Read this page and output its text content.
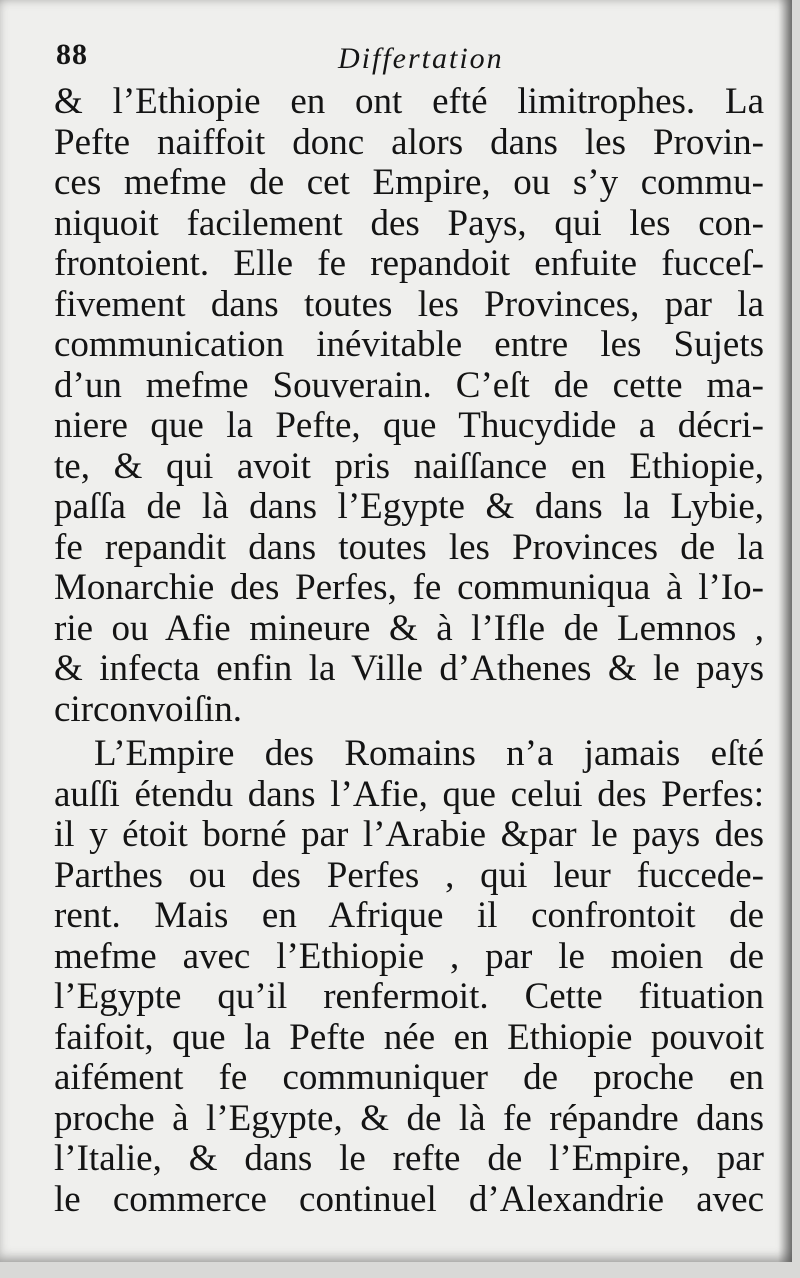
88	Differtation
& l’Ethiopie en ont efté limitrophes. La
Pefte naiffoit donc alors dans les Provin-
ces mefme de cet Empire, ou s’y commu-
niquoit facilement des Pays, qui les con-
frontoient. Elle fe repandoit enfuite fucceſ-
fivement dans toutes les Provinces, par la
communication inévitable entre les Sujets
d’un mefme Souverain. C’eſt de cette ma-
niere que la Pefte, que Thucydide a décri-
te, & qui avoit pris naiſſance en Ethiopie,
paſſa de là dans l’Egypte & dans la Lybie,
fe repandit dans toutes les Provinces de la
Monarchie des Perfes, fe communiqua à l’Io-
rie ou Afie mineure & à l’Ifle de Lemnos ,
& infecta enfin la Ville d’Athenes & le pays
circonvoiſin.
L’Empire des Romains n’a jamais eſté
auſſi étendu dans l’Afie, que celui des Perfes:
il y étoit borné par l’Arabie &par le pays des
Parthes ou des Perfes , qui leur fuccede-
rent. Mais en Afrique il confrontoit de
mefme avec l’Ethiopie , par le moien de
l’Egypte qu’il renfermoit. Cette fituation
faifoit, que la Pefte née en Ethiopie pouvoit
aifément fe communiquer de proche en
proche à l’Egypte, & de là fe répandre dans
l’Italie, & dans le refte de l’Empire, par
le commerce continuel d’Alexandrie avec
